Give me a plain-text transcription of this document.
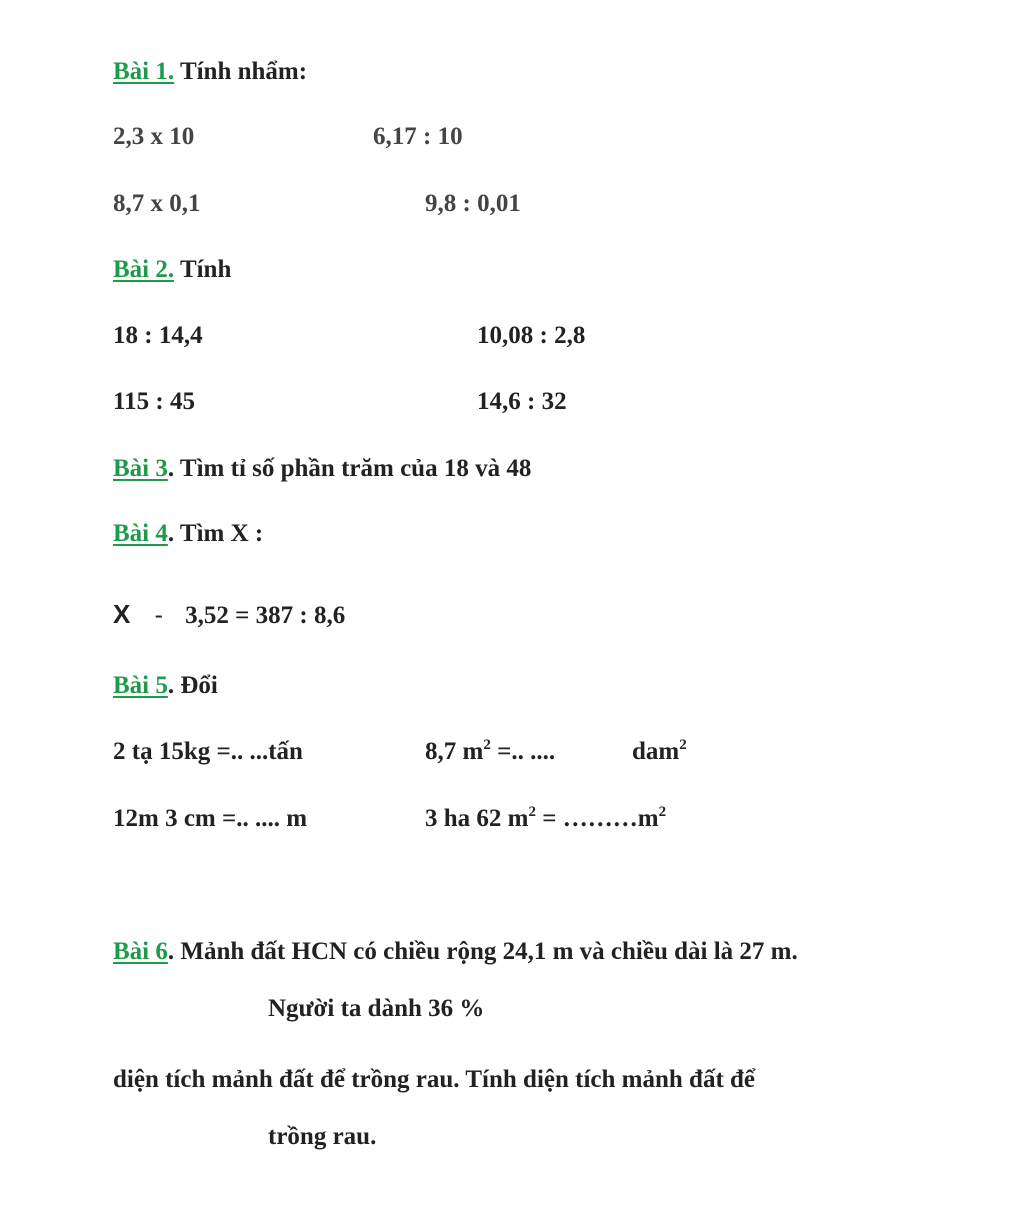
Bài 1. Tính nhẩm:
2,3 x 10	6,17 : 10
8,7 x 0,1	9,8 : 0,01
Bài 2. Tính
18 : 14,4	10,08 : 2,8
115 : 45	14,6 : 32
Bài 3. Tìm tỉ số phần trăm của 18 và 48
Bài 4. Tìm X :
X - 3,52 = 387 : 8,6
Bài 5. Đổi
2 tạ 15kg =.. ...tấn	8,7 $m^2$ =.. ....	dam$^2$
12m 3 cm =.. .... m	3 ha 62 $m^2$ = $\dots\dots\dots m^2$
Bài 6. Mảnh đất HCN có chiều rộng 24,1 m và chiều dài là 27 m.
Người ta dành 36 %
diện tích mảnh đất để trồng rau. Tính diện tích mảnh đất để
trồng rau.
